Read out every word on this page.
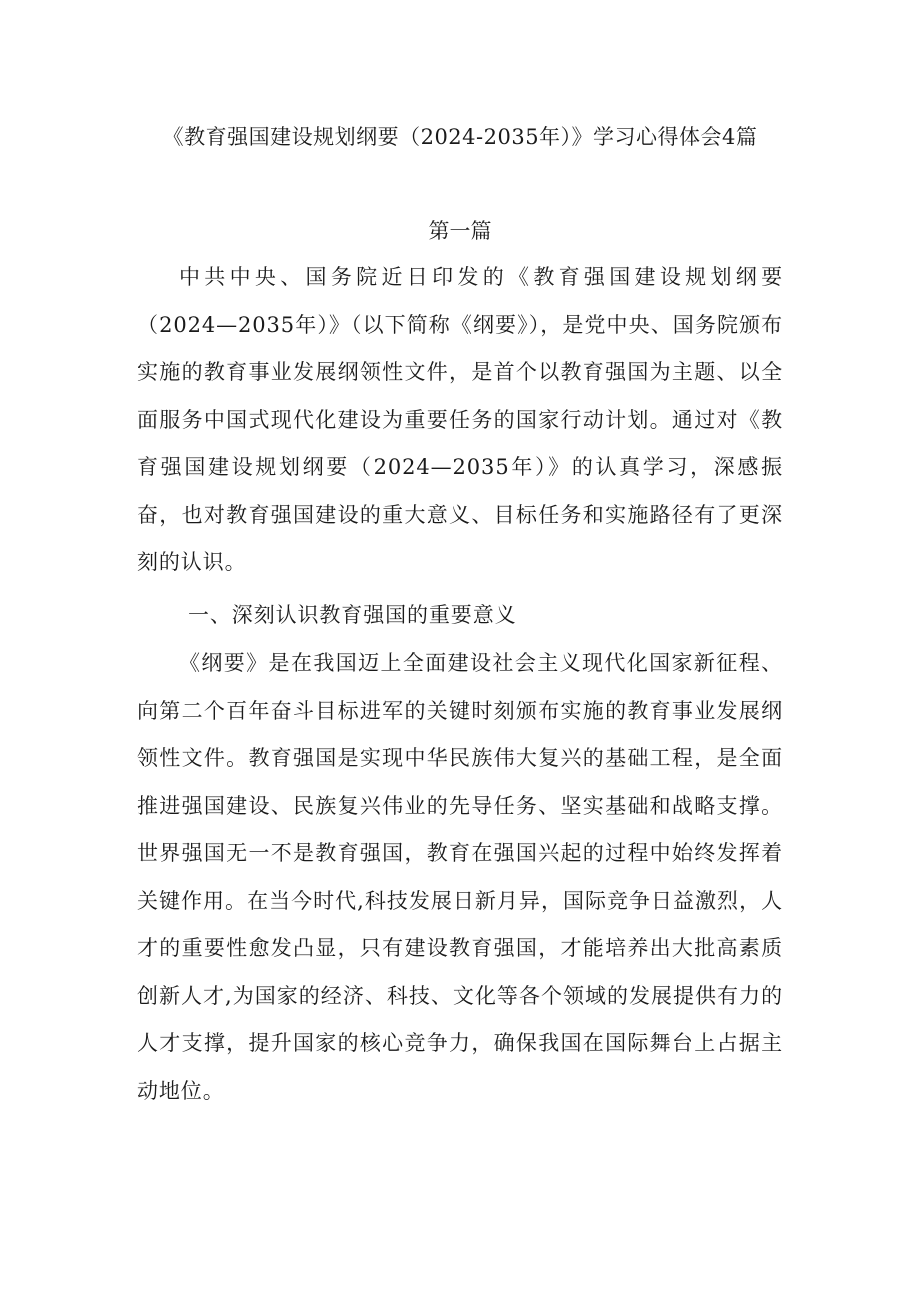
《教育强国建设规划纲要（2024-2035年）》学习心得体会4篇
第一篇

中共中央、国务院近日印发的《教育强国建设规划纲要（2024—2035年）》（以下简称《纲要》），是党中央、国务院颁布实施的教育事业发展纲领性文件，是首个以教育强国为主题、以全面服务中国式现代化建设为重要任务的国家行动计划。通过对《教育强国建设规划纲要（2024—2035年）》的认真学习，深感振奋，也对教育强国建设的重大意义、目标任务和实施路径有了更深刻的认识。

一、深刻认识教育强国的重要意义

《纲要》是在我国迈上全面建设社会主义现代化国家新征程、向第二个百年奋斗目标进军的关键时刻颁布实施的教育事业发展纲领性文件。教育强国是实现中华民族伟大复兴的基础工程，是全面推进强国建设、民族复兴伟业的先导任务、坚实基础和战略支撑。世界强国无一不是教育强国，教育在强国兴起的过程中始终发挥着关键作用。在当今时代,科技发展日新月异，国际竞争日益激烈，人才的重要性愈发凸显，只有建设教育强国，才能培养出大批高素质创新人才,为国家的经济、科技、文化等各个领域的发展提供有力的人才支撑，提升国家的核心竞争力，确保我国在国际舞台上占据主动地位。
